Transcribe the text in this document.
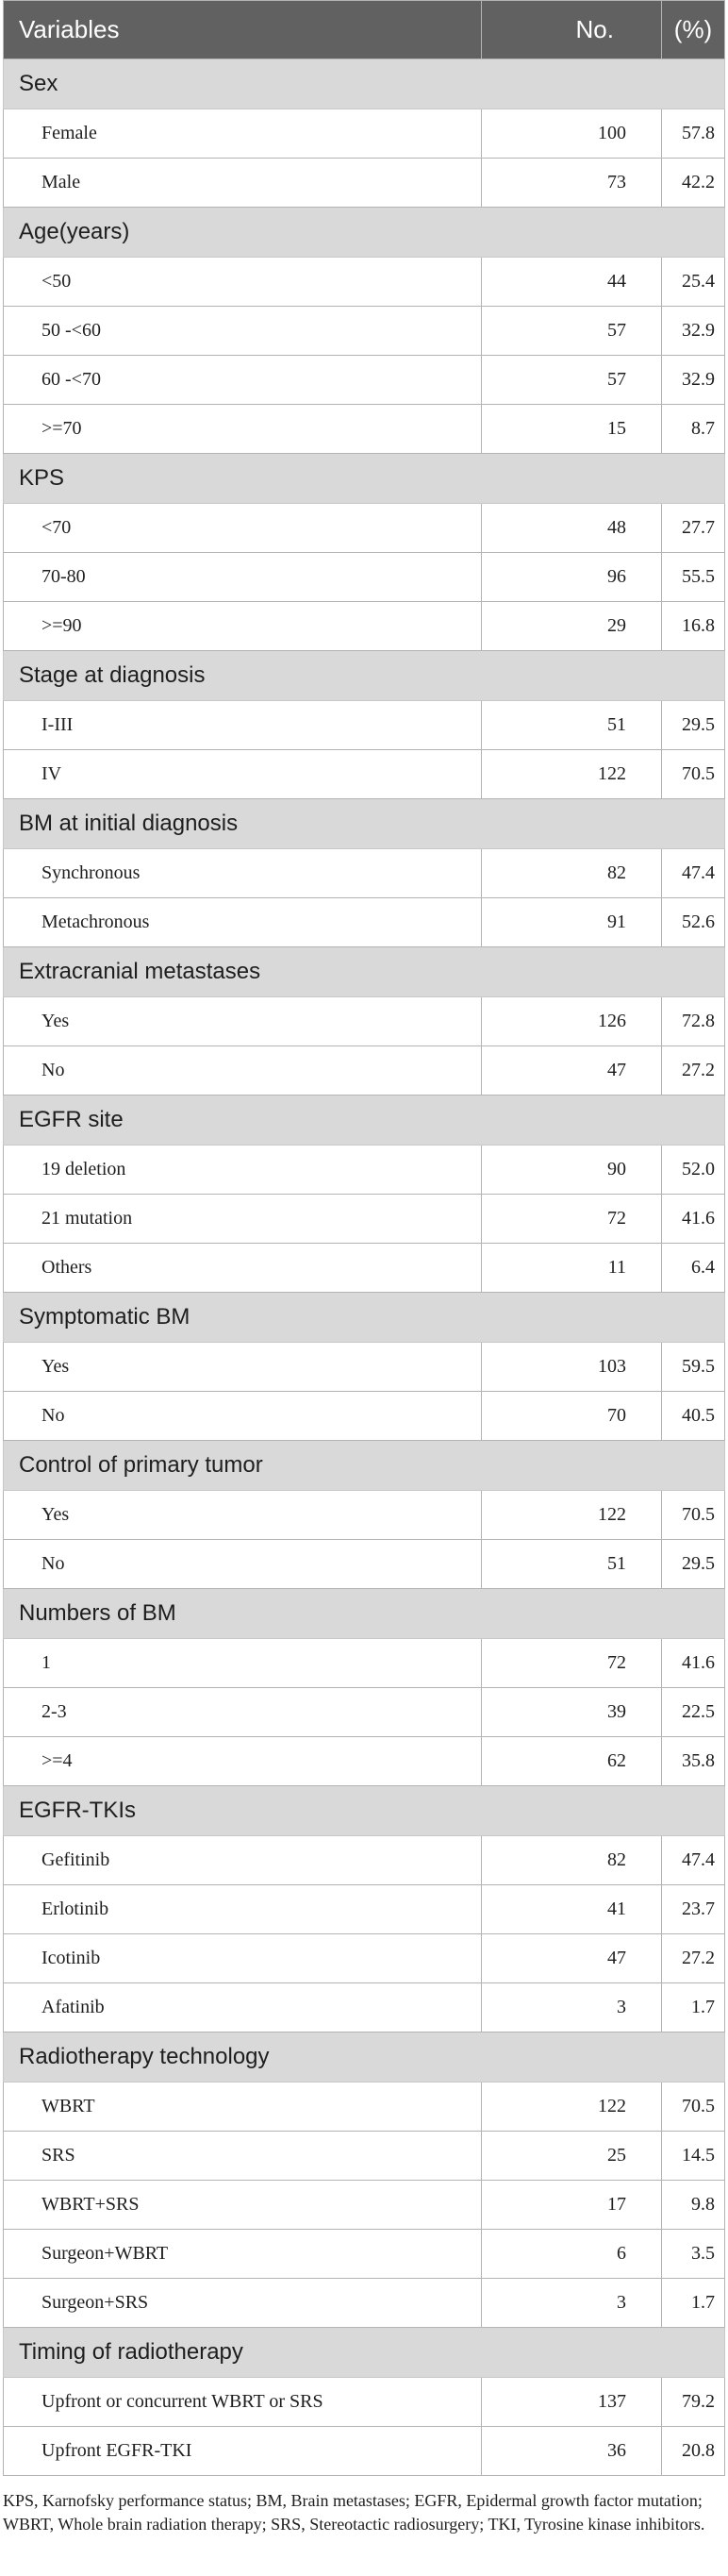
Variables	No.	(%)
Sex		
Female	100	57.8
Male	73	42.2
Age(years)		
<50	44	25.4
50 -<60	57	32.9
60 -<70	57	32.9
>=70	15	8.7
KPS		
<70	48	27.7
70-80	96	55.5
>=90	29	16.8
Stage at diagnosis		
I-III	51	29.5
IV	122	70.5
BM at initial diagnosis		
Synchronous	82	47.4
Metachronous	91	52.6
Extracranial metastases		
Yes	126	72.8
No	47	27.2
EGFR site		
19 deletion	90	52.0
21 mutation	72	41.6
Others	11	6.4
Symptomatic BM		
Yes	103	59.5
No	70	40.5
Control of primary tumor		
Yes	122	70.5
No	51	29.5
Numbers of BM		
1	72	41.6
2-3	39	22.5
>=4	62	35.8
EGFR-TKIs		
Gefitinib	82	47.4
Erlotinib	41	23.7
Icotinib	47	27.2
Afatinib	3	1.7
Radiotherapy technology		
WBRT	122	70.5
SRS	25	14.5
WBRT+SRS	17	9.8
Surgeon+WBRT	6	3.5
Surgeon+SRS	3	1.7
Timing of radiotherapy		
Upfront or concurrent WBRT or SRS	137	79.2
Upfront EGFR-TKI	36	20.8
KPS, Karnofsky performance status; BM, Brain metastases; EGFR, Epidermal growth factor mutation; WBRT, Whole brain radiation therapy; SRS, Stereotactic radiosurgery; TKI, Tyrosine kinase inhibitors.
